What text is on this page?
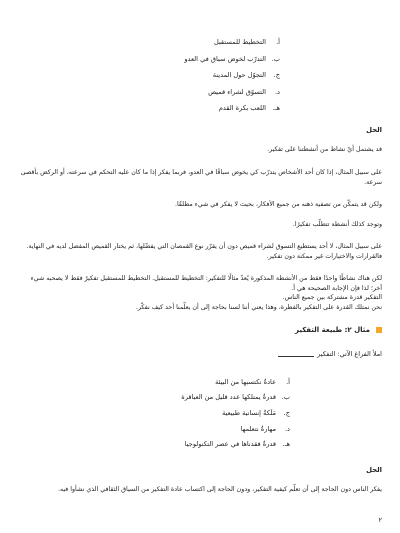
أ.
التخطيط للمستقبل
ب.
التدرّب لخوض سباق في العدو
ج.
التجوّل حول المدينة
د.
التسوّق لشراء قميص
هـ.
اللعب بكرة القدم
الحل

قد يشتمل أيّ نشاط من أنشطتنا على تفكير.

على سبيل المثال، إذا كان أحد الأشخاص يتدرّب كي يخوض سباقًا في العدو، فربما يفكر إذا ما كان عليه التحكم في سرعته، أو الركض بأقصى سرعة.

ولكن قد يتمكّن من تصفية ذهنه من جميع الأفكار، بحيث لا يفكر في شيء مطلقًا.

وتوجد كذلك أنشطة تتطلّب تفكيرًا.

على سبيل المثال، لا أحد يستطيع التسوق لشراء قميص دون أن يقرّر نوع القمصان التي يفضّلها، ثم يختار القميص المفضل لديه في النهاية. فالقرارات والاختيارات غير ممكنة دون تفكير.

لكن هناك نشاطًا واحدًا فقط من الأنشطة المذكورة يُعدّ مثالًا للتفكير: التخطيط للمستقبل. التخطيط للمستقبل تفكيرٌ فقط لا يصحبه شيء آخر؛ لذا فإن الإجابة الصحيحة هي أ.

التفكير قدرة مشتركة بين جميع الناس.

نحن نمتلك القدرة على التفكير بالفطرة، وهذا يعني أننا لسنا بحاجة إلى أن يعلّمنا أحد كيف نفكّر.

مثال ٢: طبيعة التفكير
املأ الفراغ الآتي: التفكير
أ.
عادةٌ نكتسبها من البيئة
ب.
قدرةٌ يمتلكها عدد قليل من العباقرة
ج.
مَلَكةٌ إنسانية طبيعية
د.
مهارةٌ نتعلمها
هـ.
قدرةٌ فقدناها في عصر التكنولوجيا
الحل

يفكر الناس دون الحاجة إلى أن تعلّم كيفية التفكير، ودون الحاجة إلى اكتساب عادة التفكير من السياق الثقافي الذي نشأوا فيه.

٢
